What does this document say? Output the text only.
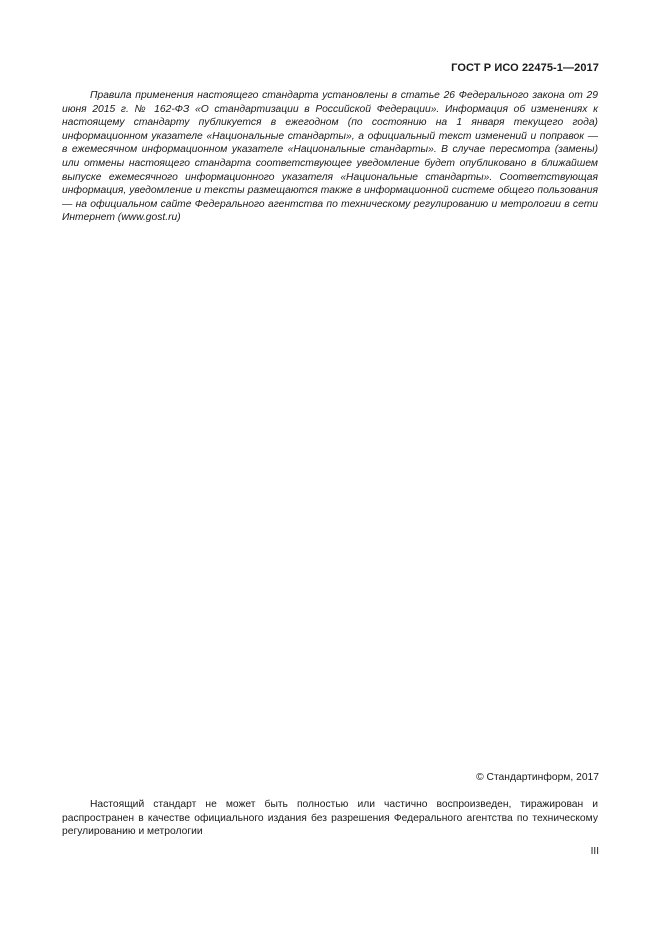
ГОСТ Р ИСО 22475-1—2017

Правила применения настоящего стандарта установлены в статье 26 Федерального закона от 29 июня 2015 г. № 162-ФЗ «О стандартизации в Российской Федерации». Информация об изменениях к настоящему стандарту публикуется в ежегодном (по состоянию на 1 января текущего года) информационном указателе «Национальные стандарты», а официальный текст изменений и поправок — в ежемесячном информационном указателе «Национальные стандарты». В случае пересмотра (замены) или отмены настоящего стандарта соответствующее уведомление будет опубликовано в ближайшем выпуске ежемесячного информационного указателя «Национальные стандарты». Соответствующая информация, уведомление и тексты размещаются также в информационной системе общего пользования — на официальном сайте Федерального агентства по техническому регулированию и метрологии в сети Интернет (www.gost.ru)

© Стандартинформ, 2017

Настоящий стандарт не может быть полностью или частично воспроизведен, тиражирован и распространен в качестве официального издания без разрешения Федерального агентства по техническому регулированию и метрологии

III
